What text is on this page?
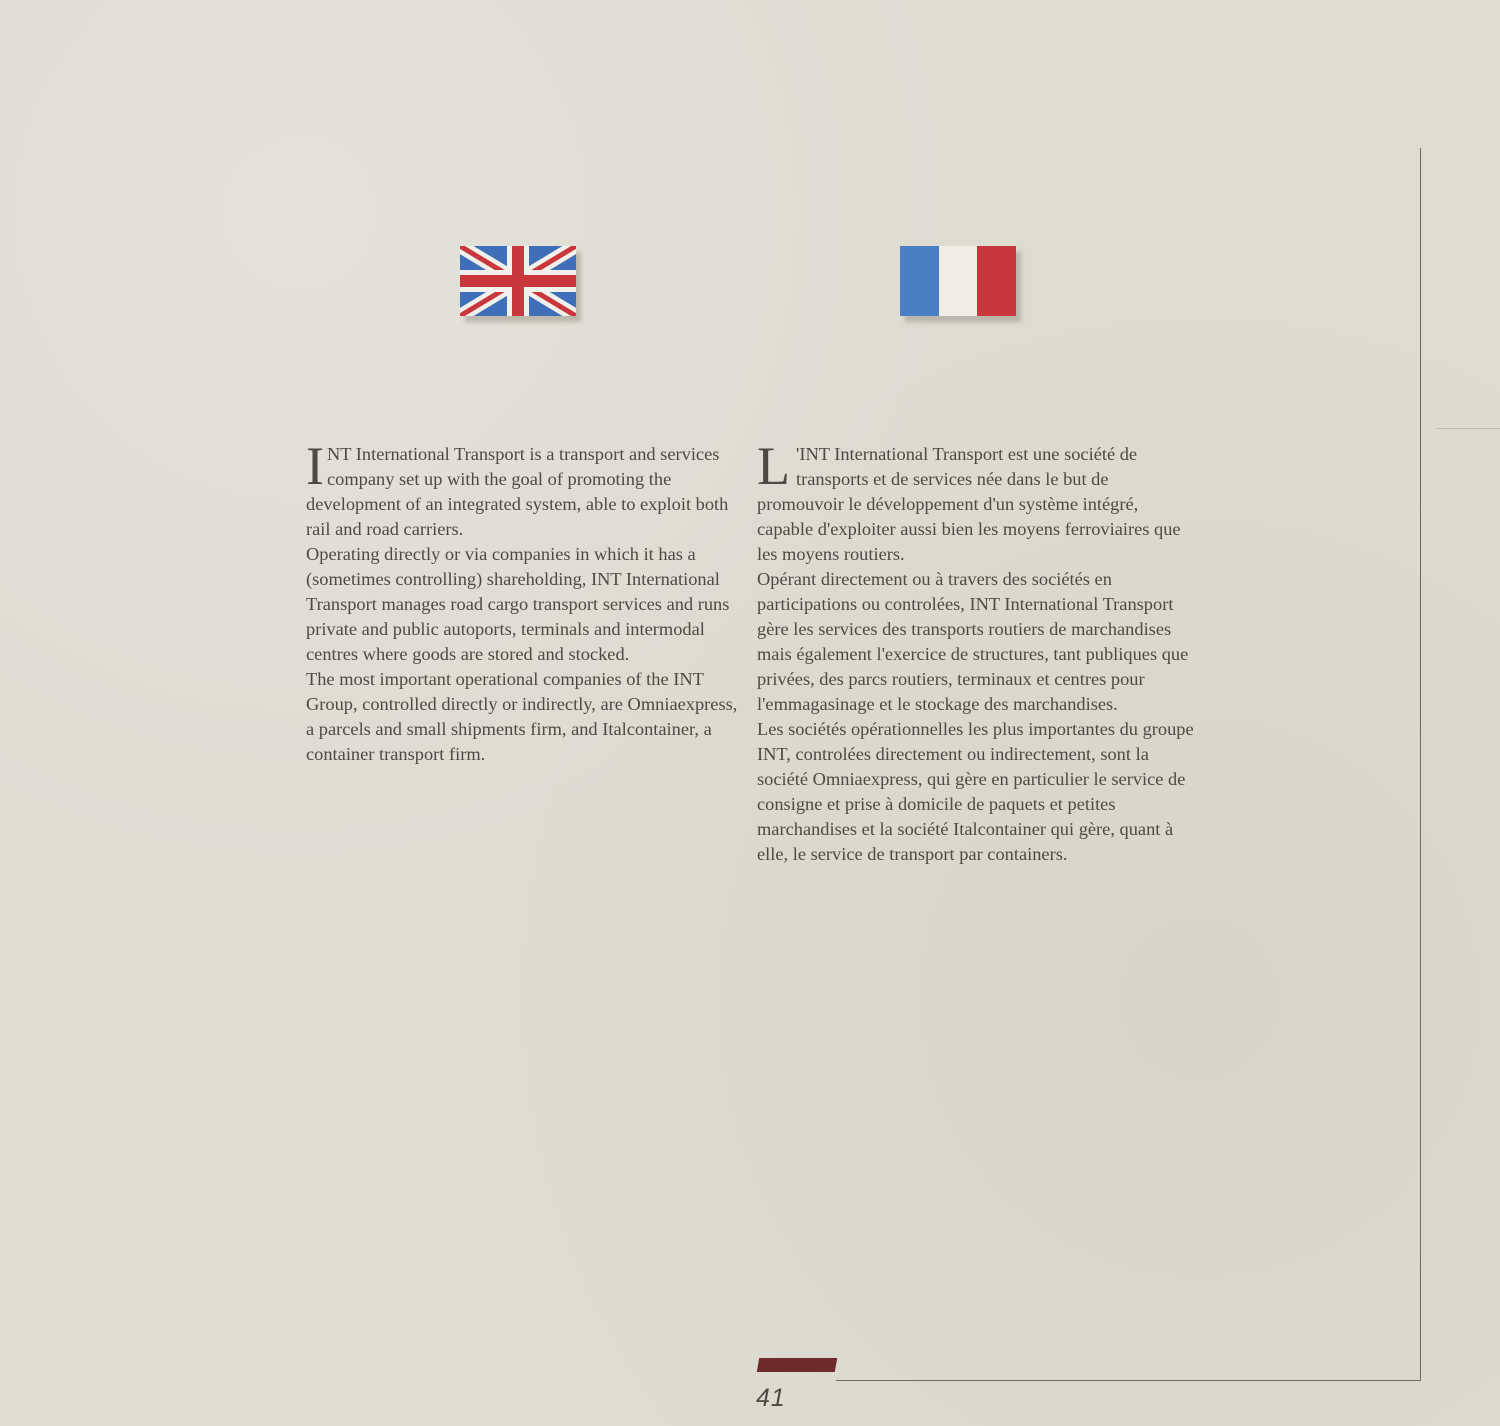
I NT International Transport is a transport and services company set up with the goal of promoting the development of an integrated system, able to exploit both rail and road carriers.

Operating directly or via companies in which it has a (sometimes controlling) shareholding, INT International Transport manages road cargo transport services and runs private and public autoports, terminals and intermodal centres where goods are stored and stocked.

The most important operational companies of the INT Group, controlled directly or indirectly, are Omniaexpress, a parcels and small shipments firm, and Italcontainer, a container transport firm.

L 'INT International Transport est une société de transports et de services née dans le but de promouvoir le développement d'un système intégré, capable d'exploiter aussi bien les moyens ferroviaires que les moyens routiers.

Opérant directement ou à travers des sociétés en participations ou controlées, INT International Transport gère les services des transports routiers de marchandises mais également l'exercice de structures, tant publiques que privées, des parcs routiers, terminaux et centres pour l'emmagasinage et le stockage des marchandises.

Les sociétés opérationnelles les plus importantes du groupe INT, controlées directement ou indirectement, sont la société Omniaexpress, qui gère en particulier le service de consigne et prise à domicile de paquets et petites marchandises et la société Italcontainer qui gère, quant à elle, le service de transport par containers.

41
